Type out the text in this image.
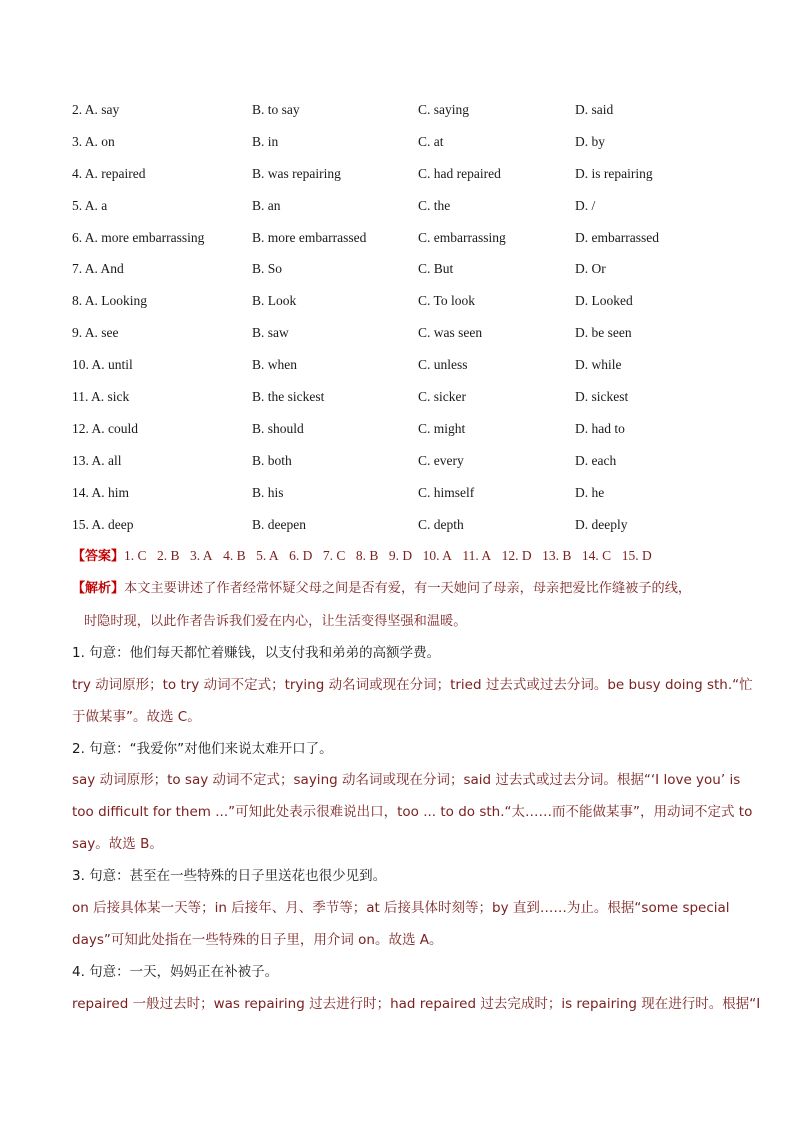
2. A. say	B. to say	C. saying	D. said
3. A. on	B. in	C. at	D. by
4. A. repaired	B. was repairing	C. had repaired	D. is repairing
5. A. a	B. an	C. the	D. /
6. A. more embarrassing	B. more embarrassed	C. embarrassing	D. embarrassed
7. A. And	B. So	C. But	D. Or
8. A. Looking	B. Look	C. To look	D. Looked
9. A. see	B. saw	C. was seen	D. be seen
10. A. until	B. when	C. unless	D. while
11. A. sick	B. the sickest	C. sicker	D. sickest
12. A. could	B. should	C. might	D. had to
13. A. all	B. both	C. every	D. each
14. A. him	B. his	C. himself	D. he
15. A. deep	B. deepen	C. depth	D. deeply
【答案】1. C 2. B 3. A 4. B 5. A 6. D 7. C 8. B 9. D 10. A 11. A 12. D 13. B 14. C 15. D
【解析】本文主要讲述了作者经常怀疑父母之间是否有爱，有一天她问了母亲，母亲把爱比作缝被子的线，
时隐时现，以此作者告诉我们爱在内心，让生活变得坚强和温暖。
1. 句意：他们每天都忙着赚钱，以支付我和弟弟的高额学费。
try 动词原形；to try 动词不定式；trying 动名词或现在分词；tried 过去式或过去分词。be busy doing sth.“忙
于做某事”。故选 C。
2. 句意：“我爱你”对他们来说太难开口了。
say 动词原形；to say 动词不定式；saying 动名词或现在分词；said 过去式或过去分词。根据“‘I love you’ is
too difficult for them ...”可知此处表示很难说出口，too ... to do sth.“太……而不能做某事”，用动词不定式 to
say。故选 B。
3. 句意：甚至在一些特殊的日子里送花也很少见到。
on 后接具体某一天等；in 后接年、月、季节等；at 后接具体时刻等；by 直到……为止。根据“some special
days”可知此处指在一些特殊的日子里，用介词 on。故选 A。
4. 句意：一天，妈妈正在补被子。
repaired 一般过去时；was repairing 过去进行时；had repaired 过去完成时；is repairing 现在进行时。根据“I
